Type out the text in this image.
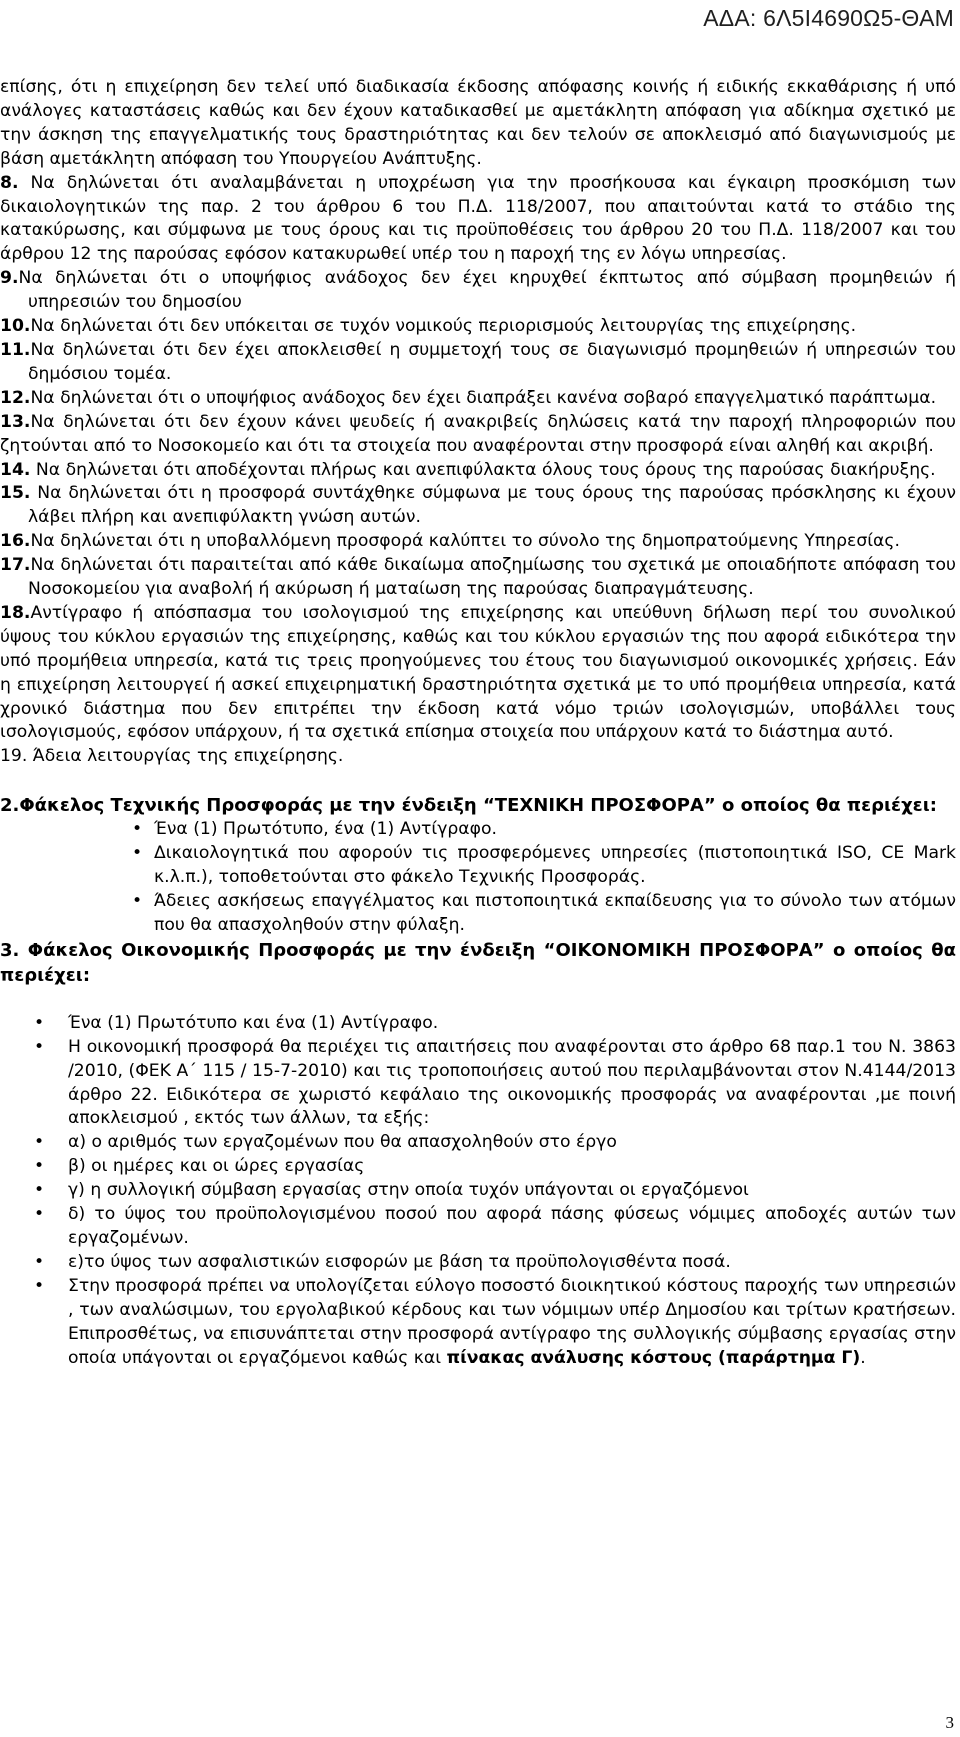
ΑΔΑ: 6Λ5Ι4690Ω5-ΘΑΜ

επίσης, ότι η επιχείρηση δεν τελεί υπό διαδικασία έκδοσης απόφασης κοινής ή ειδικής εκκαθάρισης ή υπό ανάλογες καταστάσεις καθώς και δεν έχουν καταδικασθεί με αμετάκλητη απόφαση για αδίκημα σχετικό με την άσκηση της επαγγελματικής τους δραστηριότητας και δεν τελούν σε αποκλεισμό από διαγωνισμούς με βάση αμετάκλητη απόφαση του Υπουργείου Ανάπτυξης.

8. Να δηλώνεται ότι αναλαμβάνεται η υποχρέωση για την προσήκουσα και έγκαιρη προσκόμιση των δικαιολογητικών της παρ. 2 του άρθρου 6 του Π.Δ. 118/2007, που απαιτούνται κατά το στάδιο της κατακύρωσης, και σύμφωνα με τους όρους και τις προϋποθέσεις του άρθρου 20 του Π.Δ. 118/2007 και του άρθρου 12 της παρούσας εφόσον κατακυρωθεί υπέρ του η παροχή της εν λόγω υπηρεσίας.

9.Να δηλώνεται ότι ο υποψήφιος ανάδοχος δεν έχει κηρυχθεί έκπτωτος από σύμβαση προμηθειών ή υπηρεσιών του δημοσίου

10.Να δηλώνεται ότι δεν υπόκειται σε τυχόν νομικούς περιορισμούς λειτουργίας της επιχείρησης.

11.Να δηλώνεται ότι δεν έχει αποκλεισθεί η συμμετοχή τους σε διαγωνισμό προμηθειών ή υπηρεσιών του δημόσιου τομέα.

12.Να δηλώνεται ότι ο υποψήφιος ανάδοχος δεν έχει διαπράξει κανένα σοβαρό επαγγελματικό παράπτωμα.

13.Να δηλώνεται ότι δεν έχουν κάνει ψευδείς ή ανακριβείς δηλώσεις κατά την παροχή πληροφοριών που ζητούνται από το Νοσοκομείο και ότι τα στοιχεία που αναφέρονται στην προσφορά είναι αληθή και ακριβή.

14. Να δηλώνεται ότι αποδέχονται πλήρως και ανεπιφύλακτα όλους τους όρους της παρούσας διακήρυξης.

15. Να δηλώνεται ότι η προσφορά συντάχθηκε σύμφωνα με τους όρους της παρούσας πρόσκλησης κι έχουν λάβει πλήρη και ανεπιφύλακτη γνώση αυτών.

16.Να δηλώνεται ότι η υποβαλλόμενη προσφορά καλύπτει το σύνολο της δημοπρατούμενης Υπηρεσίας.

17.Να δηλώνεται ότι παραιτείται από κάθε δικαίωμα αποζημίωσης του σχετικά με οποιαδήποτε απόφαση του Νοσοκομείου για αναβολή ή ακύρωση ή ματαίωση της παρούσας διαπραγμάτευσης.

18.Αντίγραφο ή απόσπασμα του ισολογισμού της επιχείρησης και υπεύθυνη δήλωση περί του συνολικού ύψους του κύκλου εργασιών της επιχείρησης, καθώς και του κύκλου εργασιών της που αφορά ειδικότερα την υπό προμήθεια υπηρεσία, κατά τις τρεις προηγούμενες του έτους του διαγωνισμού οικονομικές χρήσεις. Εάν η επιχείρηση λειτουργεί ή ασκεί επιχειρηματική δραστηριότητα σχετικά με το υπό προμήθεια υπηρεσία, κατά χρονικό διάστημα που δεν επιτρέπει την έκδοση κατά νόμο τριών ισολογισμών, υποβάλλει τους ισολογισμούς, εφόσον υπάρχουν, ή τα σχετικά επίσημα στοιχεία που υπάρχουν κατά το διάστημα αυτό.

19. Άδεια λειτουργίας της επιχείρησης.

2.Φάκελος Τεχνικής Προσφοράς με την ένδειξη “ΤΕΧΝΙΚΗ ΠΡΟΣΦΟΡΑ” ο οποίος θα περιέχει:

• Ένα (1) Πρωτότυπο, ένα (1) Αντίγραφο.
• Δικαιολογητικά που αφορούν τις προσφερόμενες υπηρεσίες (πιστοποιητικά ISO, CE Mark κ.λ.π.), τοποθετούνται στο φάκελο Τεχνικής Προσφοράς.
• Άδειες ασκήσεως επαγγέλματος και πιστοποιητικά εκπαίδευσης για το σύνολο των ατόμων που θα απασχοληθούν στην φύλαξη.

3. Φάκελος Οικονομικής Προσφοράς με την ένδειξη “ΟΙΚΟΝΟΜΙΚΗ ΠΡΟΣΦΟΡΑ” ο οποίος θα περιέχει:

• Ένα (1) Πρωτότυπο και ένα (1) Αντίγραφο.
• Η οικονομική προσφορά θα περιέχει τις απαιτήσεις που αναφέρονται στο άρθρο 68 παρ.1 του Ν. 3863 /2010, (ΦΕΚ Α΄ 115 / 15-7-2010) και τις τροποποιήσεις αυτού που περιλαμβάνονται στον Ν.4144/2013 άρθρο 22. Ειδικότερα σε χωριστό κεφάλαιο της οικονομικής προσφοράς να αναφέρονται ,με ποινή αποκλεισμού , εκτός των άλλων, τα εξής:
• α) ο αριθμός των εργαζομένων που θα απασχοληθούν στο έργο
• β) οι ημέρες και οι ώρες εργασίας
• γ) η συλλογική σύμβαση εργασίας στην οποία τυχόν υπάγονται οι εργαζόμενοι
• δ) το ύψος του προϋπολογισμένου ποσού που αφορά πάσης φύσεως νόμιμες αποδοχές αυτών των εργαζομένων.
• ε)το ύψος των ασφαλιστικών εισφορών με βάση τα προϋπολογισθέντα ποσά.
• Στην προσφορά πρέπει να υπολογίζεται εύλογο ποσοστό διοικητικού κόστους παροχής των υπηρεσιών , των αναλώσιμων, του εργολαβικού κέρδους και των νόμιμων υπέρ Δημοσίου και τρίτων κρατήσεων. Επιπροσθέτως, να επισυνάπτεται στην προσφορά αντίγραφο της συλλογικής σύμβασης εργασίας στην οποία υπάγονται οι εργαζόμενοι καθώς και πίνακας ανάλυσης κόστους (παράρτημα Γ).
3
